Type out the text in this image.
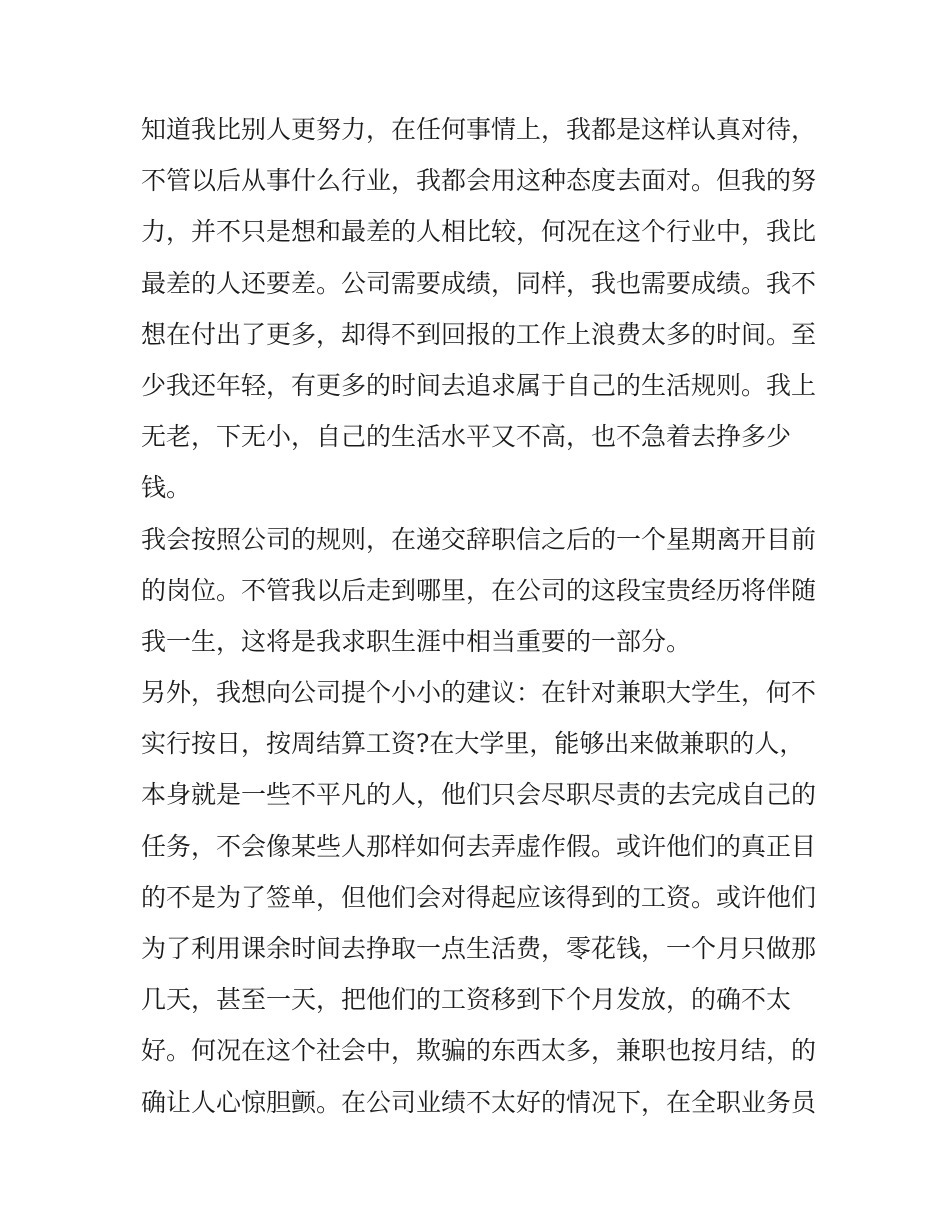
知道我比别人更努力，在任何事情上，我都是这样认真对待，
不管以后从事什么行业，我都会用这种态度去面对。但我的努
力，并不只是想和最差的人相比较，何况在这个行业中，我比
最差的人还要差。公司需要成绩，同样，我也需要成绩。我不
想在付出了更多，却得不到回报的工作上浪费太多的时间。至
少我还年轻，有更多的时间去追求属于自己的生活规则。我上
无老，下无小，自己的生活水平又不高，也不急着去挣多少
钱。
我会按照公司的规则，在递交辞职信之后的一个星期离开目前
的岗位。不管我以后走到哪里，在公司的这段宝贵经历将伴随
我一生，这将是我求职生涯中相当重要的一部分。
另外，我想向公司提个小小的建议：在针对兼职大学生，何不
实行按日，按周结算工资?在大学里，能够出来做兼职的人，
本身就是一些不平凡的人，他们只会尽职尽责的去完成自己的
任务，不会像某些人那样如何去弄虚作假。或许他们的真正目
的不是为了签单，但他们会对得起应该得到的工资。或许他们
为了利用课余时间去挣取一点生活费，零花钱，一个月只做那
几天，甚至一天，把他们的工资移到下个月发放，的确不太
好。何况在这个社会中，欺骗的东西太多，兼职也按月结，的
确让人心惊胆颤。在公司业绩不太好的情况下，在全职业务员
